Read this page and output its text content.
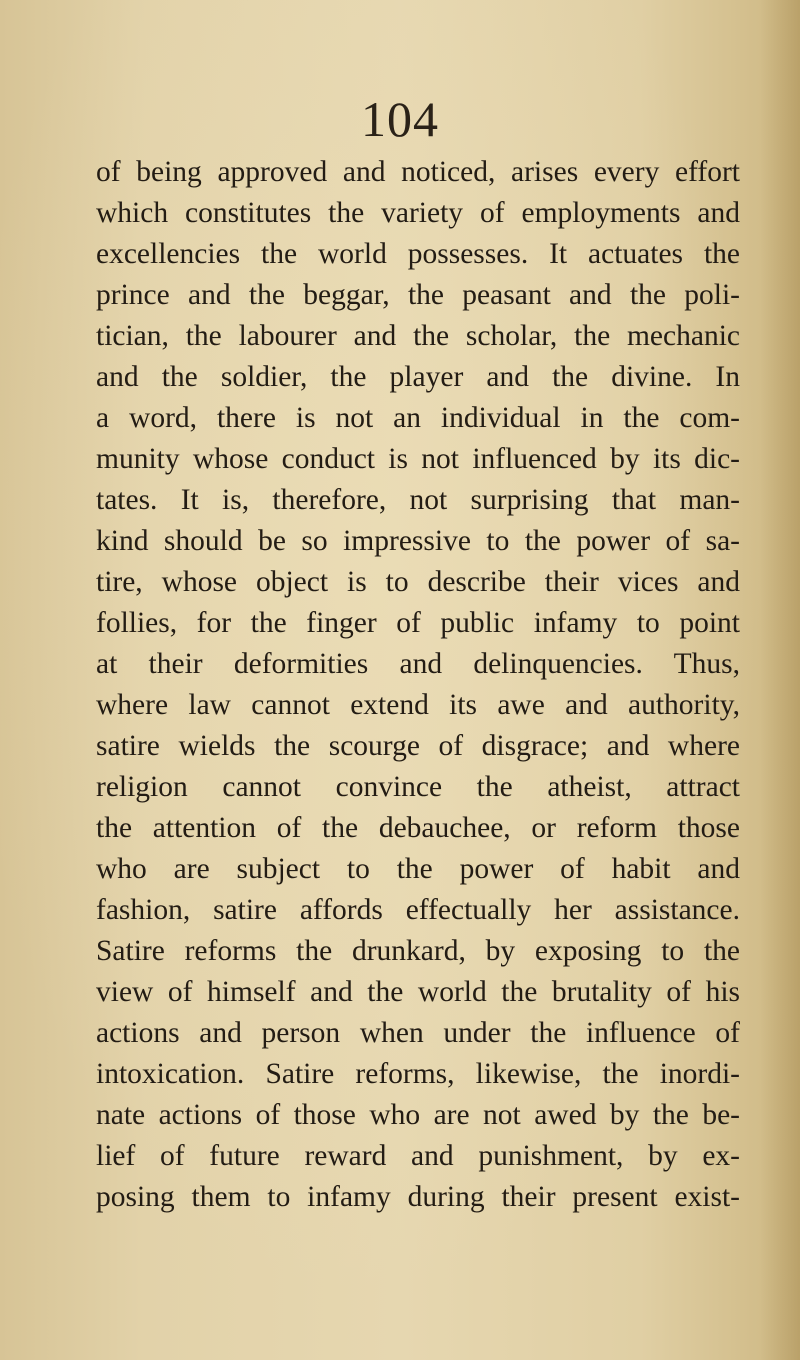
104
of being approved and noticed, arises every effort
which constitutes the variety of employments and
excellencies the world possesses. It actuates the
prince and the beggar, the peasant and the poli-
tician, the labourer and the scholar, the mechanic
and the soldier, the player and the divine. In
a word, there is not an individual in the com-
munity whose conduct is not influenced by its dic-
tates. It is, therefore, not surprising that man-
kind should be so impressive to the power of sa-
tire, whose object is to describe their vices and
follies, for the finger of public infamy to point
at their deformities and delinquencies. Thus,
where law cannot extend its awe and authority,
satire wields the scourge of disgrace; and where
religion cannot convince the atheist, attract
the attention of the debauchee, or reform those
who are subject to the power of habit and
fashion, satire affords effectually her assistance.
Satire reforms the drunkard, by exposing to the
view of himself and the world the brutality of his
actions and person when under the influence of
intoxication. Satire reforms, likewise, the inordi-
nate actions of those who are not awed by the be-
lief of future reward and punishment, by ex-
posing them to infamy during their present exist-
